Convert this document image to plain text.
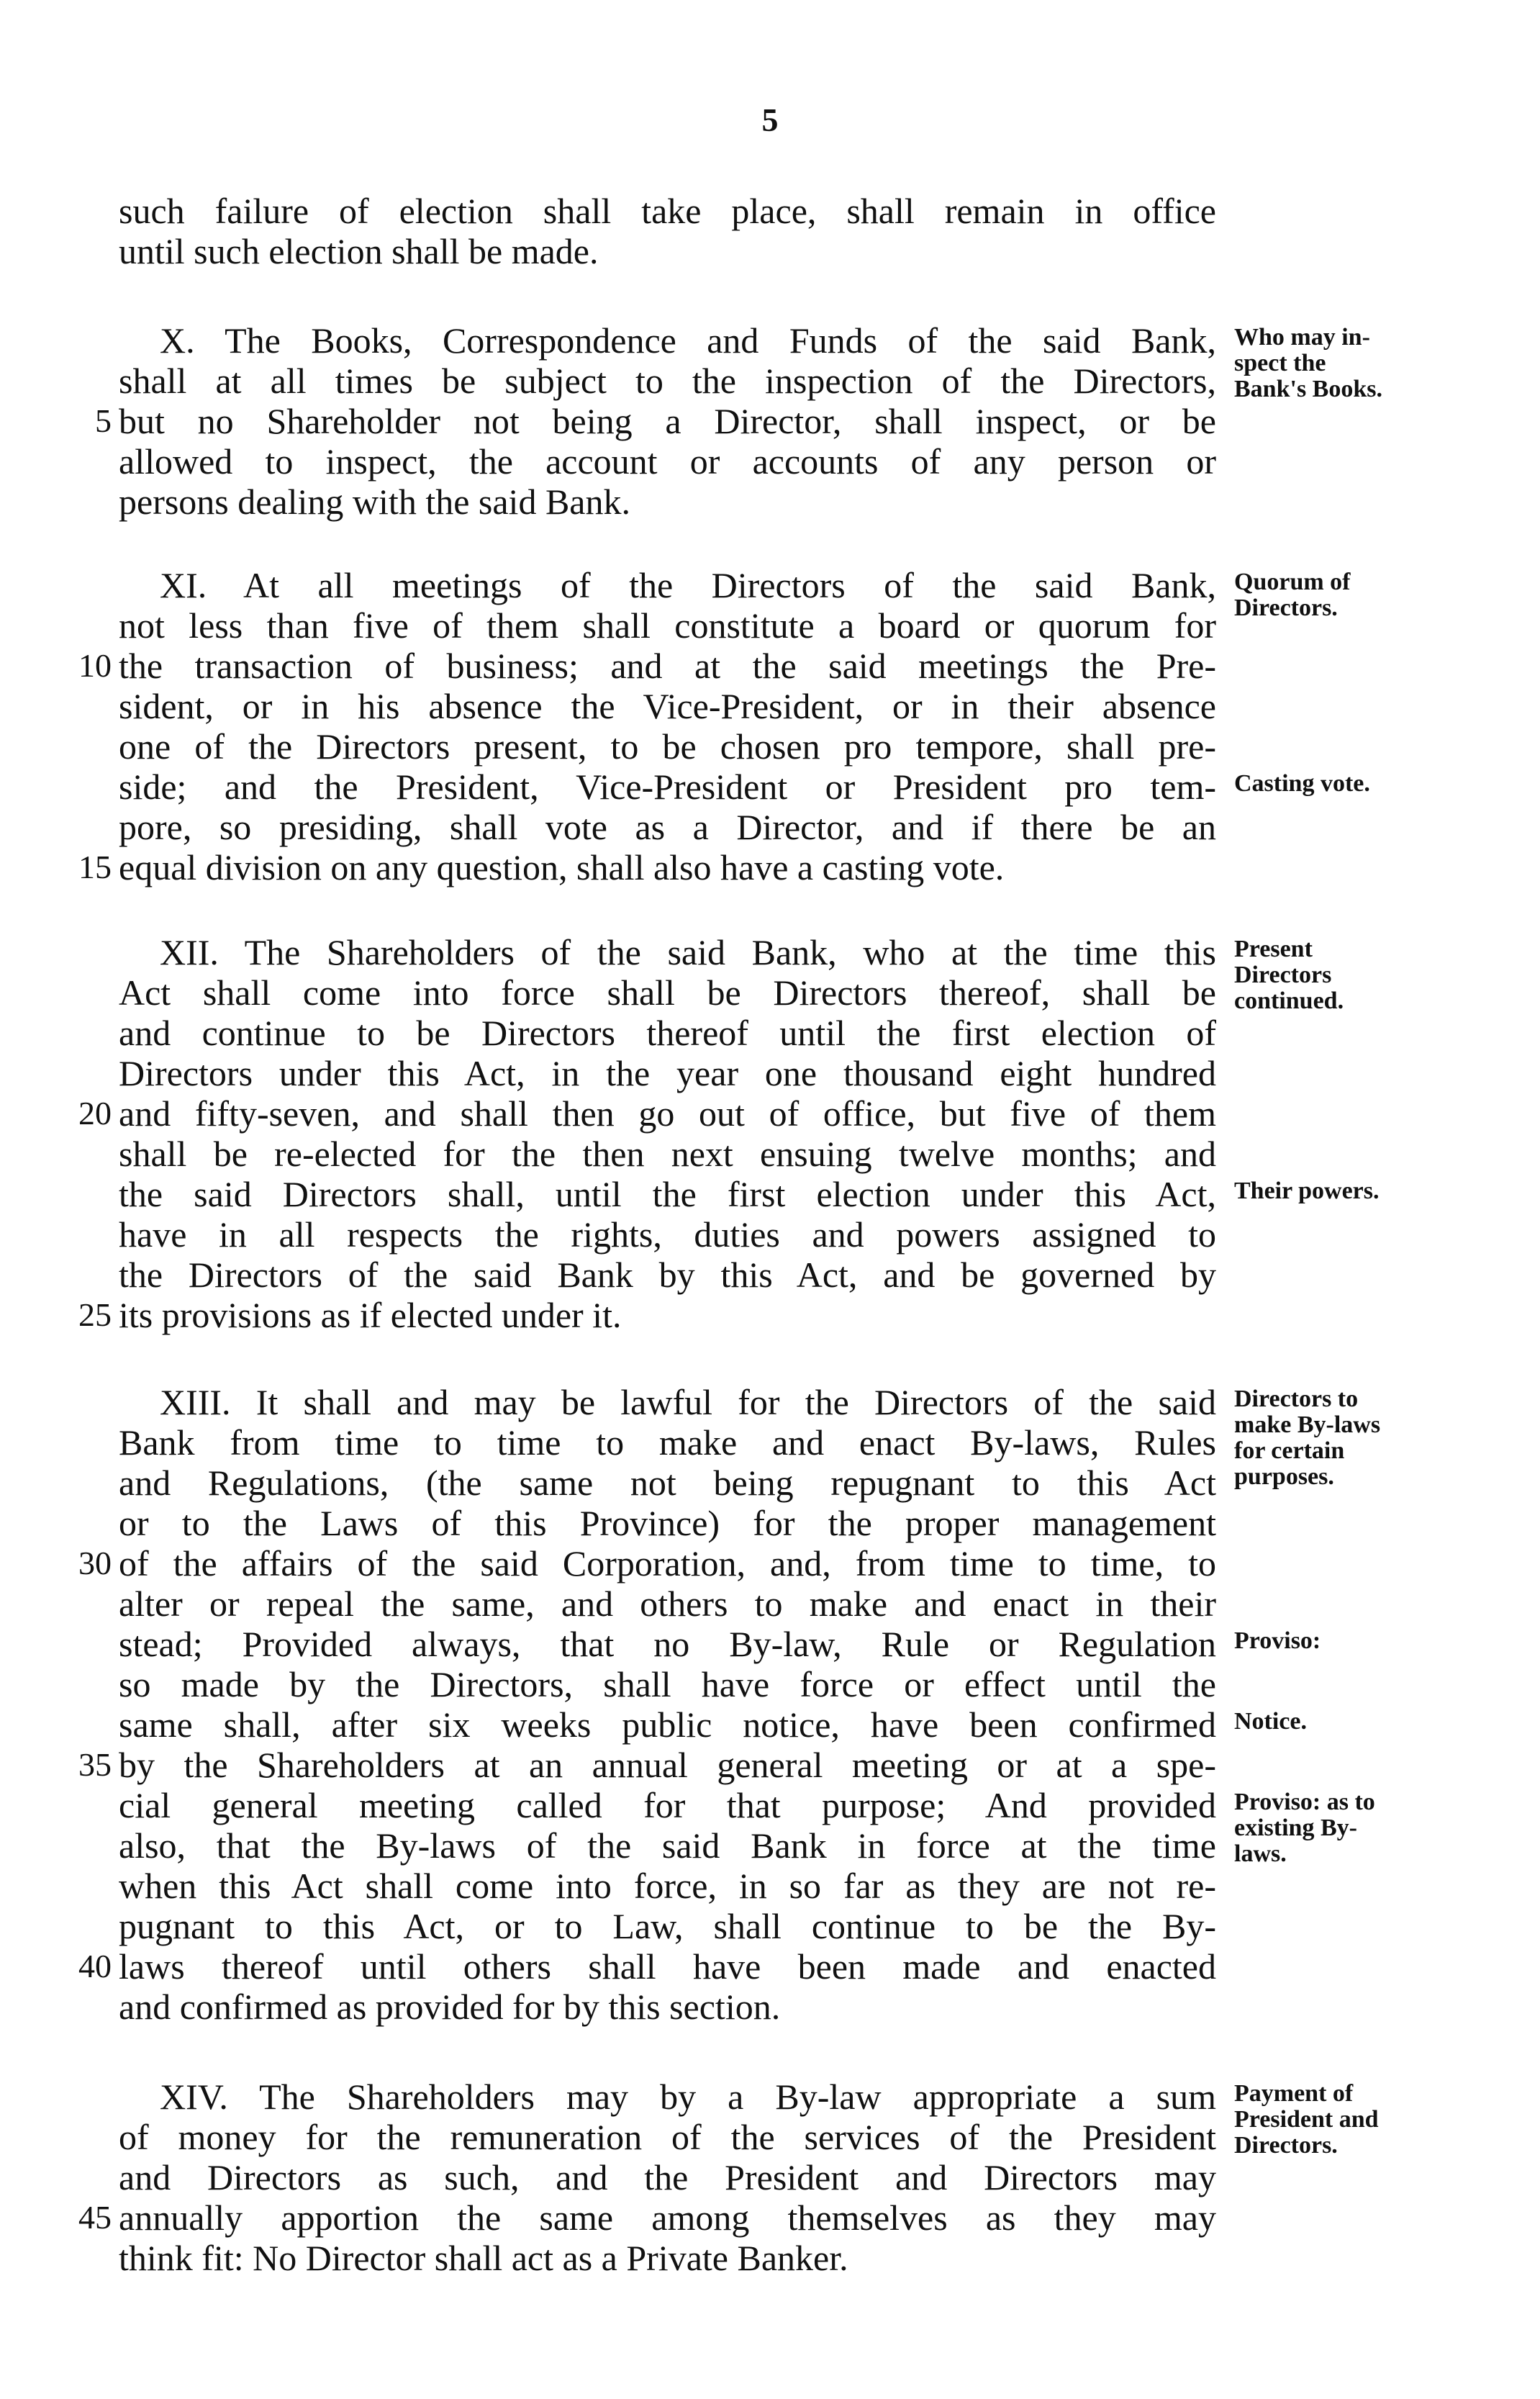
5
such failure of election shall take place, shall remain in office
until such election shall be made.
X. The Books, Correspondence and Funds of the said Bank,
shall at all times be subject to the inspection of the Directors,
but no Shareholder not being a Director, shall inspect, or be
5
allowed to inspect, the account or accounts of any person or
persons dealing with the said Bank.
Who may in-
spect the
Bank's Books.
XI. At all meetings of the Directors of the said Bank,
not less than five of them shall constitute a board or quorum for
the transaction of business; and at the said meetings the Pre-
10
sident, or in his absence the Vice-President, or in their absence
one of the Directors present, to be chosen pro tempore, shall pre-
side; and the President, Vice-President or President pro tem-
pore, so presiding, shall vote as a Director, and if there be an
equal division on any question, shall also have a casting vote.
15
Quorum of
Directors.
Casting vote.
XII. The Shareholders of the said Bank, who at the time this
Act shall come into force shall be Directors thereof, shall be
and continue to be Directors thereof until the first election of
Directors under this Act, in the year one thousand eight hundred
and fifty-seven, and shall then go out of office, but five of them
20
shall be re-elected for the then next ensuing twelve months; and
the said Directors shall, until the first election under this Act,
have in all respects the rights, duties and powers assigned to
the Directors of the said Bank by this Act, and be governed by
its provisions as if elected under it.
25
Present
Directors
continued.
Their powers.
XIII. It shall and may be lawful for the Directors of the said
Bank from time to time to make and enact By-laws, Rules
and Regulations, (the same not being repugnant to this Act
or to the Laws of this Province) for the proper management
of the affairs of the said Corporation, and, from time to time, to
30
alter or repeal the same, and others to make and enact in their
stead; Provided always, that no By-law, Rule or Regulation
so made by the Directors, shall have force or effect until the
same shall, after six weeks public notice, have been confirmed
by the Shareholders at an annual general meeting or at a spe-
35
cial general meeting called for that purpose; And provided
also, that the By-laws of the said Bank in force at the time
when this Act shall come into force, in so far as they are not re-
pugnant to this Act, or to Law, shall continue to be the By-
laws thereof until others shall have been made and enacted
40
and confirmed as provided for by this section.
Directors to
make By-laws
for certain
purposes.
Proviso:
Notice.
Proviso: as to
existing By-
laws.
XIV. The Shareholders may by a By-law appropriate a sum
of money for the remuneration of the services of the President
and Directors as such, and the President and Directors may
annually apportion the same among themselves as they may
45
think fit: No Director shall act as a Private Banker.
Payment of
President and
Directors.
